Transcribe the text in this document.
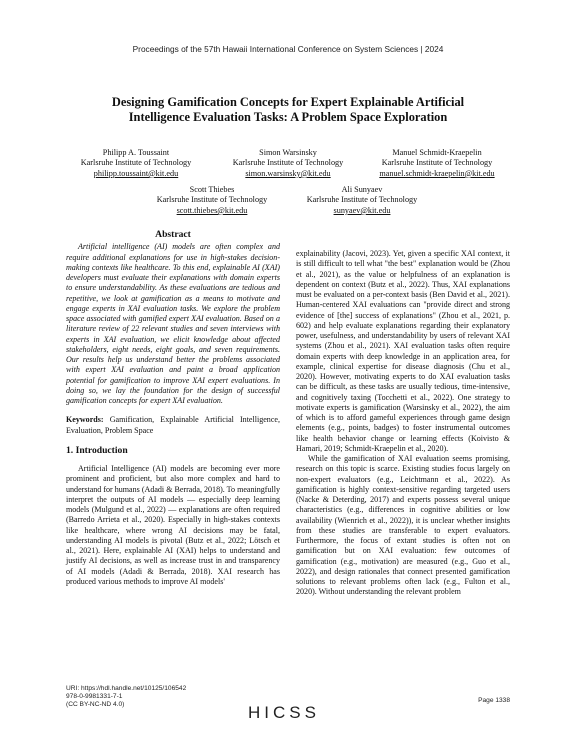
Proceedings of the 57th Hawaii International Conference on System Sciences | 2024
Designing Gamification Concepts for Expert Explainable Artificial
Intelligence Evaluation Tasks: A Problem Space Exploration
Philipp A. Toussaint
Karlsruhe Institute of Technology
philipp.toussaint@kit.edu
Simon Warsinsky
Karlsruhe Institute of Technology
simon.warsinsky@kit.edu
Manuel Schmidt-Kraepelin
Karlsruhe Institute of Technology
manuel.schmidt-kraepelin@kit.edu
Scott Thiebes
Karlsruhe Institute of Technology
scott.thiebes@kit.edu
Ali Sunyaev
Karlsruhe Institute of Technology
sunyaev@kit.edu
Abstract

Artificial intelligence (AI) models are often complex and require additional explanations for use in high-stakes decision-making contexts like healthcare. To this end, explainable AI (XAI) developers must evaluate their explanations with domain experts to ensure understandability. As these evaluations are tedious and repetitive, we look at gamification as a means to motivate and engage experts in XAI evaluation tasks. We explore the problem space associated with gamified expert XAI evaluation. Based on a literature review of 22 relevant studies and seven interviews with experts in XAI evaluation, we elicit knowledge about affected stakeholders, eight needs, eight goals, and seven requirements. Our results help us understand better the problems associated with expert XAI evaluation and paint a broad application potential for gamification to improve XAI expert evaluations. In doing so, we lay the foundation for the design of successful gamification concepts for expert XAI evaluation.

Keywords: Gamification, Explainable Artificial Intelligence, Evaluation, Problem Space

1. Introduction

Artificial Intelligence (AI) models are becoming ever more prominent and proficient, but also more complex and hard to understand for humans (Adadi & Berrada, 2018). To meaningfully interpret the outputs of AI models — especially deep learning models (Mulgund et al., 2022) — explanations are often required (Barredo Arrieta et al., 2020). Especially in high-stakes contexts like healthcare, where wrong AI decisions may be fatal, understanding AI models is pivotal (Butz et al., 2022; Lötsch et al., 2021). Here, explainable AI (XAI) helps to understand and justify AI decisions, as well as increase trust in and transparency of AI models (Adadi & Berrada, 2018). XAI research has produced various methods to improve AI models'

explainability (Jacovi, 2023). Yet, given a specific XAI context, it is still difficult to tell what "the best" explanation would be (Zhou et al., 2021), as the value or helpfulness of an explanation is dependent on context (Butz et al., 2022). Thus, XAI explanations must be evaluated on a per-context basis (Ben David et al., 2021). Human-centered XAI evaluations can "provide direct and strong evidence of [the] success of explanations" (Zhou et al., 2021, p. 602) and help evaluate explanations regarding their explanatory power, usefulness, and understandability by users of relevant XAI systems (Zhou et al., 2021). XAI evaluation tasks often require domain experts with deep knowledge in an application area, for example, clinical expertise for disease diagnosis (Chu et al., 2020). However, motivating experts to do XAI evaluation tasks can be difficult, as these tasks are usually tedious, time-intensive, and cognitively taxing (Tocchetti et al., 2022). One strategy to motivate experts is gamification (Warsinsky et al., 2022), the aim of which is to afford gameful experiences through game design elements (e.g., points, badges) to foster instrumental outcomes like health behavior change or learning effects (Koivisto & Hamari, 2019; Schmidt-Kraepelin et al., 2020).

While the gamification of XAI evaluation seems promising, research on this topic is scarce. Existing studies focus largely on non-expert evaluators (e.g., Leichtmann et al., 2022). As gamification is highly context-sensitive regarding targeted users (Nacke & Deterding, 2017) and experts possess several unique characteristics (e.g., differences in cognitive abilities or low availability (Wienrich et al., 2022)), it is unclear whether insights from these studies are transferable to expert evaluators. Furthermore, the focus of extant studies is often not on gamification but on XAI evaluation: few outcomes of gamification (e.g., motivation) are measured (e.g., Guo et al., 2022), and design rationales that connect presented gamification solutions to relevant problems often lack (e.g., Fulton et al., 2020). Without understanding the relevant problem

URI: https://hdl.handle.net/10125/106542
978-0-9981331-7-1
(CC BY-NC-ND 4.0)	HICSS
Page 1338
